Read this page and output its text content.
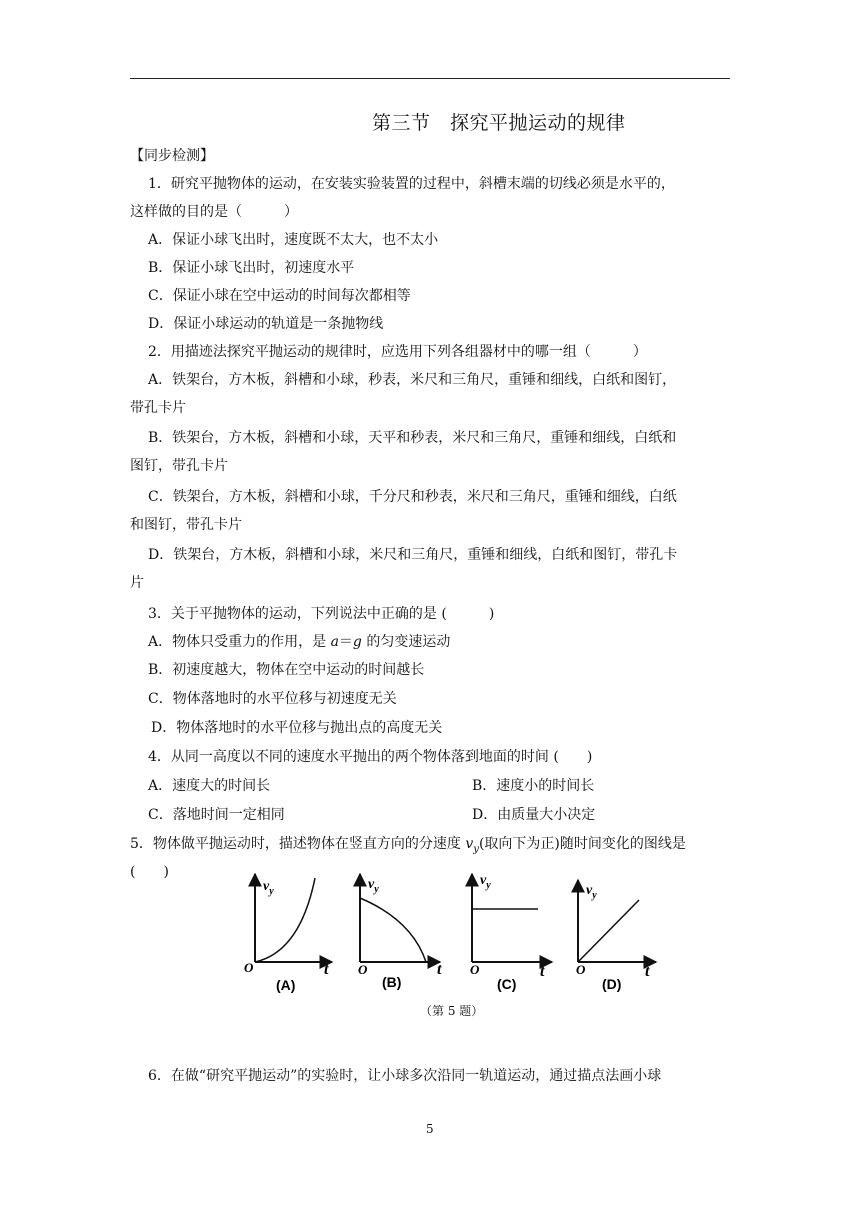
第三节　探究平抛运动的规律
【同步检测】
1．研究平抛物体的运动，在安装实验装置的过程中，斜槽末端的切线必须是水平的，
这样做的目的是（　　　）
A．保证小球飞出时，速度既不太大，也不太小
B．保证小球飞出时，初速度水平
C．保证小球在空中运动的时间每次都相等
D．保证小球运动的轨道是一条抛物线
2．用描迹法探究平抛运动的规律时，应选用下列各组器材中的哪一组（　　　）
A．铁架台，方木板，斜槽和小球，秒表，米尺和三角尺，重锤和细线，白纸和图钉，
带孔卡片
B．铁架台，方木板，斜槽和小球，天平和秒表，米尺和三角尺，重锤和细线，白纸和
图钉，带孔卡片
C．铁架台，方木板，斜槽和小球，千分尺和秒表，米尺和三角尺，重锤和细线，白纸
和图钉，带孔卡片
D．铁架台，方木板，斜槽和小球，米尺和三角尺，重锤和细线，白纸和图钉，带孔卡
片
3．关于平抛物体的运动，下列说法中正确的是 (　　　)
A．物体只受重力的作用，是 a＝g 的匀变速运动
B．初速度越大，物体在空中运动的时间越长
C．物体落地时的水平位移与初速度无关
D．物体落地时的水平位移与抛出点的高度无关
4．从同一高度以不同的速度水平抛出的两个物体落到地面的时间 (　　)
A．速度大的时间长	B．速度小的时间长
C．落地时间一定相同	D．由质量大小决定
5．物体做平抛运动时，描述物体在竖直方向的分速度 $v_y$(取向下为正)随时间变化的图线是
(　　)
$v_y$
O	t
(A)
$v_y$
O	t
(B)
$v_y$
O	t
(C)
$v_y$
O	t
(D)
（第 5 题）
6．在做“研究平抛运动”的实验时，让小球多次沿同一轨道运动，通过描点法画小球
5
